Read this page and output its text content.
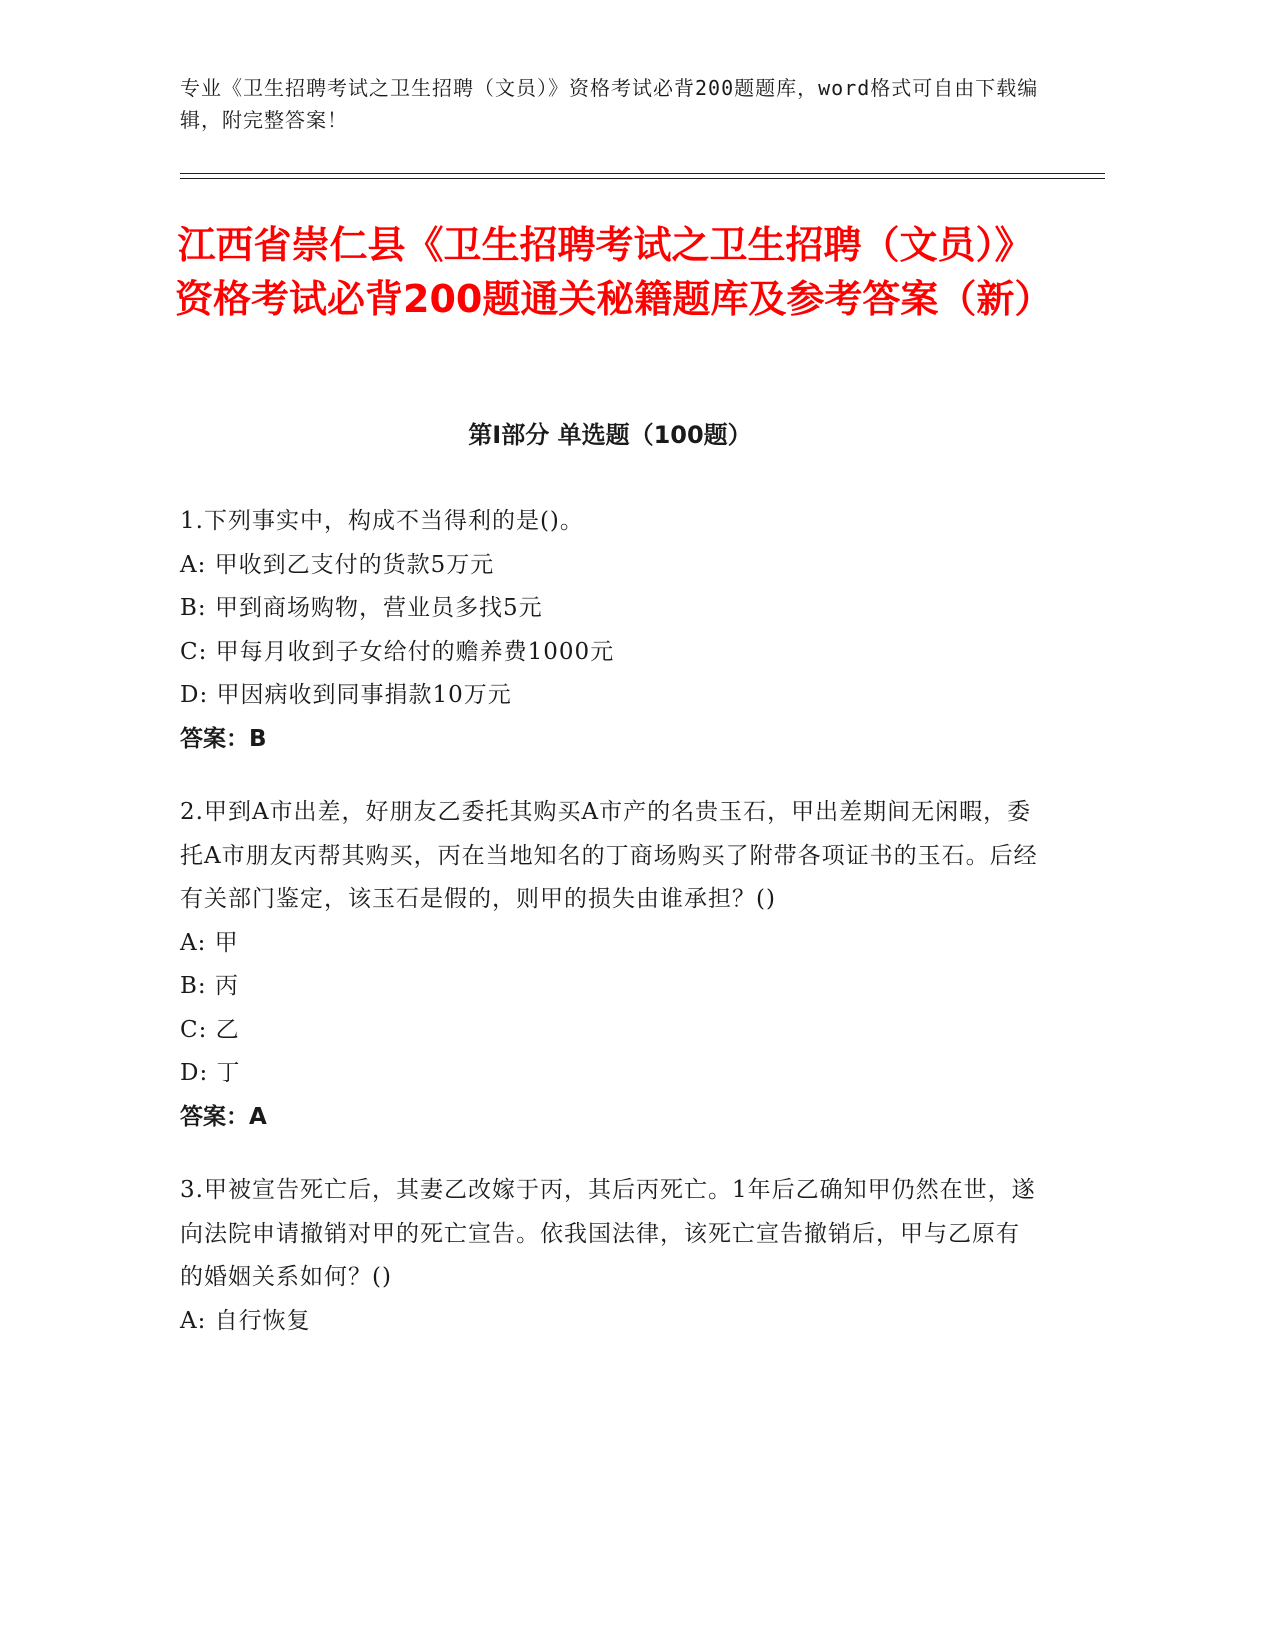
专业《卫生招聘考试之卫生招聘（文员）》资格考试必背200题题库，word格式可自由下载编辑，附完整答案！
江西省崇仁县《卫生招聘考试之卫生招聘（文员）》资格考试必背200题通关秘籍题库及参考答案（新）
第I部分 单选题（100题）

1.下列事实中，构成不当得利的是()。

A: 甲收到乙支付的货款5万元

B: 甲到商场购物，营业员多找5元

C: 甲每月收到子女给付的赡养费1000元

D: 甲因病收到同事捐款10万元

答案：B

2.甲到A市出差，好朋友乙委托其购买A市产的名贵玉石，甲出差期间无闲暇，委托A市朋友丙帮其购买，丙在当地知名的丁商场购买了附带各项证书的玉石。后经有关部门鉴定，该玉石是假的，则甲的损失由谁承担？()

A: 甲

B: 丙

C: 乙

D: 丁

答案：A

3.甲被宣告死亡后，其妻乙改嫁于丙，其后丙死亡。1年后乙确知甲仍然在世，遂向法院申请撤销对甲的死亡宣告。依我国法律，该死亡宣告撤销后，甲与乙原有的婚姻关系如何？()

A: 自行恢复
